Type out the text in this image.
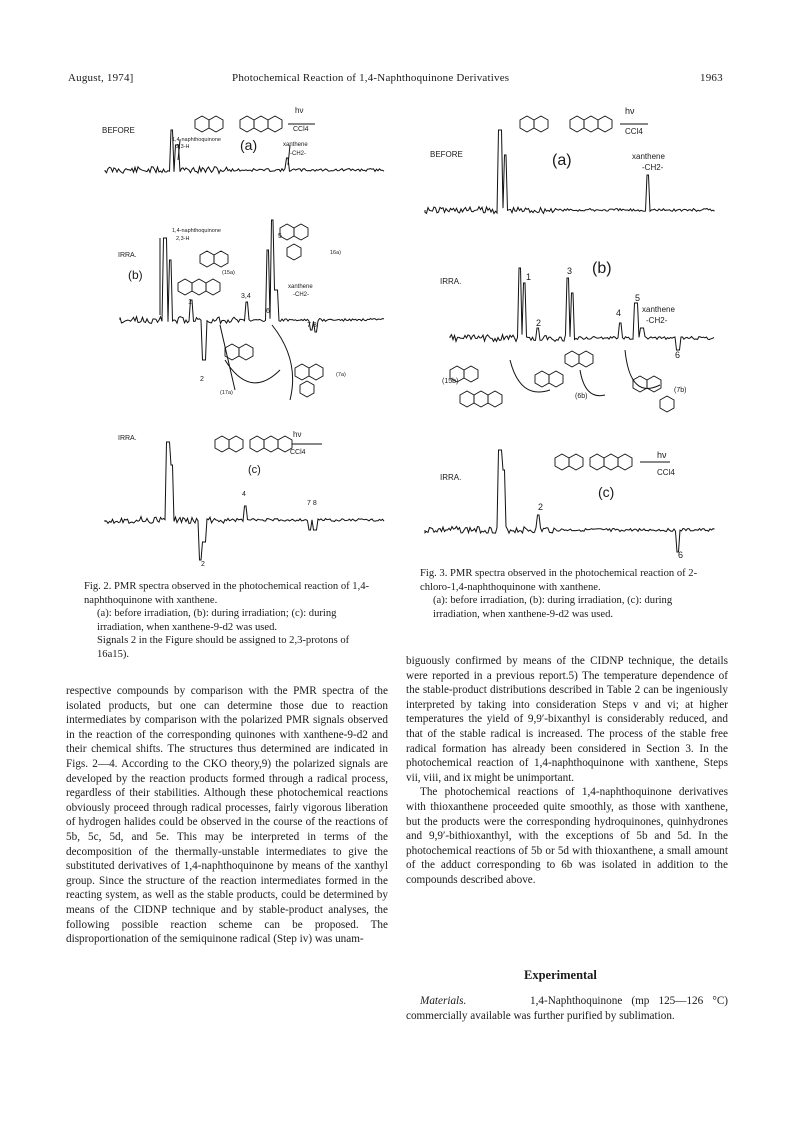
August, 1974]	Photochemical Reaction of 1,4-Naphthoquinone Derivatives	1963
BEFORE
(a)
1,4-naphthoquinone
2,3-H	xanthene
-CH2-
hν
CCl4
IRRA.
(b)
1,4-naphthoquinone
2,3-H
1
2
3,4
5
6
7 8
xanthene
-CH2-
16a)
(15a)
(17a)
(7a)
IRRA.
(c)
4
2
7 8
hν
CCl4
Fig. 2. PMR spectra observed in the photochemical reaction of 1,4-naphthoquinone with xanthene.
(a): before irradiation, (b): during irradiation; (c): during irradiation, when xanthene-9-d2 was used.
Signals 2 in the Figure should be assigned to 2,3-protons of 16a15).
BEFORE	(a)	xanthene
-CH2-
hν
CCl4
IRRA.
(b)
1
2
3
4
5
6
xanthene
-CH2-
(15b)
(6b)
(7b)
IRRA.
(c)
2
6
hν
CCl4
Fig. 3. PMR spectra observed in the photochemical reaction of 2-chloro-1,4-naphthoquinone with xanthene.
(a): before irradiation, (b): during irradiation, (c): during irradiation, when xanthene-9-d2 was used.

respective compounds by comparison with the PMR spectra of the isolated products, but one can determine those due to reaction intermediates by comparison with the polarized PMR signals observed in the reaction of the corresponding quinones with xanthene-9-d2 and their chemical shifts. The structures thus determined are indicated in Figs. 2—4. According to the CKO theory,9) the polarized signals are developed by the reaction products formed through a radical process, regardless of their stabilities. Although these photochemical reactions obviously proceed through radical processes, fairly vigorous liberation of hydrogen halides could be observed in the course of the reactions of 5b, 5c, 5d, and 5e. This may be interpreted in terms of the decomposition of the thermally-unstable intermediates to give the substituted derivatives of 1,4-naphthoquinone by means of the xanthyl group. Since the structure of the reaction intermediates formed in the reacting system, as well as the stable products, could be determined by means of the CIDNP technique and by stable-product analyses, the following possible reaction scheme can be proposed. The disproportionation of the semiquinone radical (Step iv) was unam-

biguously confirmed by means of the CIDNP technique, the details were reported in a previous report.5) The temperature dependence of the stable-product distributions described in Table 2 can be ingeniously interpreted by taking into consideration Steps v and vi; at higher temperatures the yield of 9,9′-bixanthyl is considerably reduced, and that of the stable radical is increased. The process of the stable free radical formation has already been considered in Section 3. In the photochemical reaction of 1,4-naphthoquinone with xanthene, Steps vii, viii, and ix might be unimportant.

The photochemical reactions of 1,4-naphthoquinone derivatives with thioxanthene proceeded quite smoothly, as those with xanthene, but the products were the corresponding hydroquinones, quinhydrones and 9,9′-bithioxanthyl, with the exceptions of 5b and 5d. In the photochemical reactions of 5b or 5d with thioxanthene, a small amount of the adduct corresponding to 6b was isolated in addition to the compounds described above.

Experimental

Materials.	1,4-Naphthoquinone (mp 125—126 °C) commercially available was further purified by sublimation.
